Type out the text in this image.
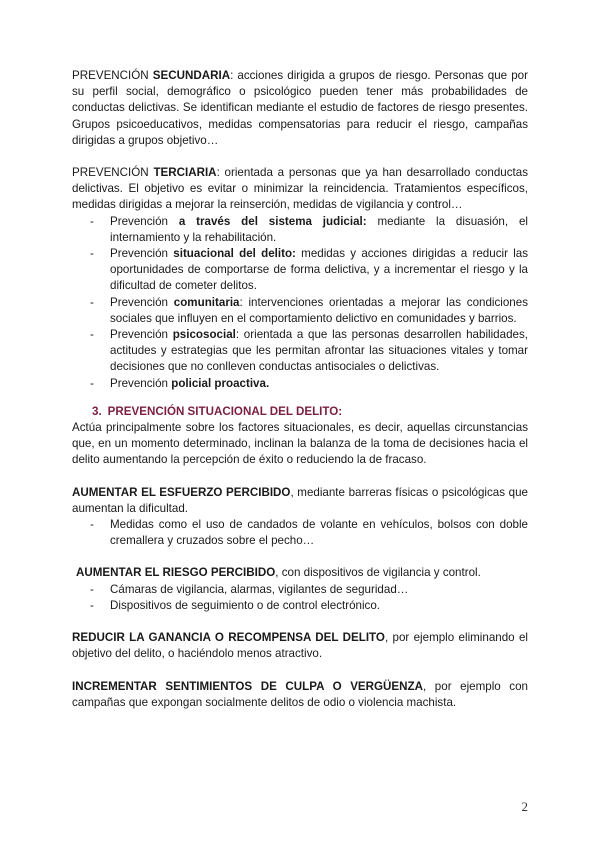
PREVENCIÓN SECUNDARIA: acciones dirigida a grupos de riesgo. Personas que por su perfil social, demográfico o psicológico pueden tener más probabilidades de conductas delictivas. Se identifican mediante el estudio de factores de riesgo presentes. Grupos psicoeducativos, medidas compensatorias para reducir el riesgo, campañas dirigidas a grupos objetivo…

PREVENCIÓN TERCIARIA: orientada a personas que ya han desarrollado conductas delictivas. El objetivo es evitar o minimizar la reincidencia. Tratamientos específicos, medidas dirigidas a mejorar la reinserción, medidas de vigilancia y control…

- Prevención a través del sistema judicial: mediante la disuasión, el internamiento y la rehabilitación.
- Prevención situacional del delito: medidas y acciones dirigidas a reducir las oportunidades de comportarse de forma delictiva, y a incrementar el riesgo y la dificultad de cometer delitos.
- Prevención comunitaria: intervenciones orientadas a mejorar las condiciones sociales que influyen en el comportamiento delictivo en comunidades y barrios.
- Prevención psicosocial: orientada a que las personas desarrollen habilidades, actitudes y estrategias que les permitan afrontar las situaciones vitales y tomar decisiones que no conlleven conductas antisociales o delictivas.
- Prevención policial proactiva.
3. PREVENCIÓN SITUACIONAL DEL DELITO:

Actúa principalmente sobre los factores situacionales, es decir, aquellas circunstancias que, en un momento determinado, inclinan la balanza de la toma de decisiones hacia el delito aumentando la percepción de éxito o reduciendo la de fracaso.

AUMENTAR EL ESFUERZO PERCIBIDO, mediante barreras físicas o psicológicas que aumentan la dificultad.

- Medidas como el uso de candados de volante en vehículos, bolsos con doble cremallera y cruzados sobre el pecho…

AUMENTAR EL RIESGO PERCIBIDO, con dispositivos de vigilancia y control.

- Cámaras de vigilancia, alarmas, vigilantes de seguridad…
- Dispositivos de seguimiento o de control electrónico.

REDUCIR LA GANANCIA O RECOMPENSA DEL DELITO, por ejemplo eliminando el objetivo del delito, o haciéndolo menos atractivo.

INCREMENTAR SENTIMIENTOS DE CULPA O VERGÜENZA, por ejemplo con campañas que expongan socialmente delitos de odio o violencia machista.

2
